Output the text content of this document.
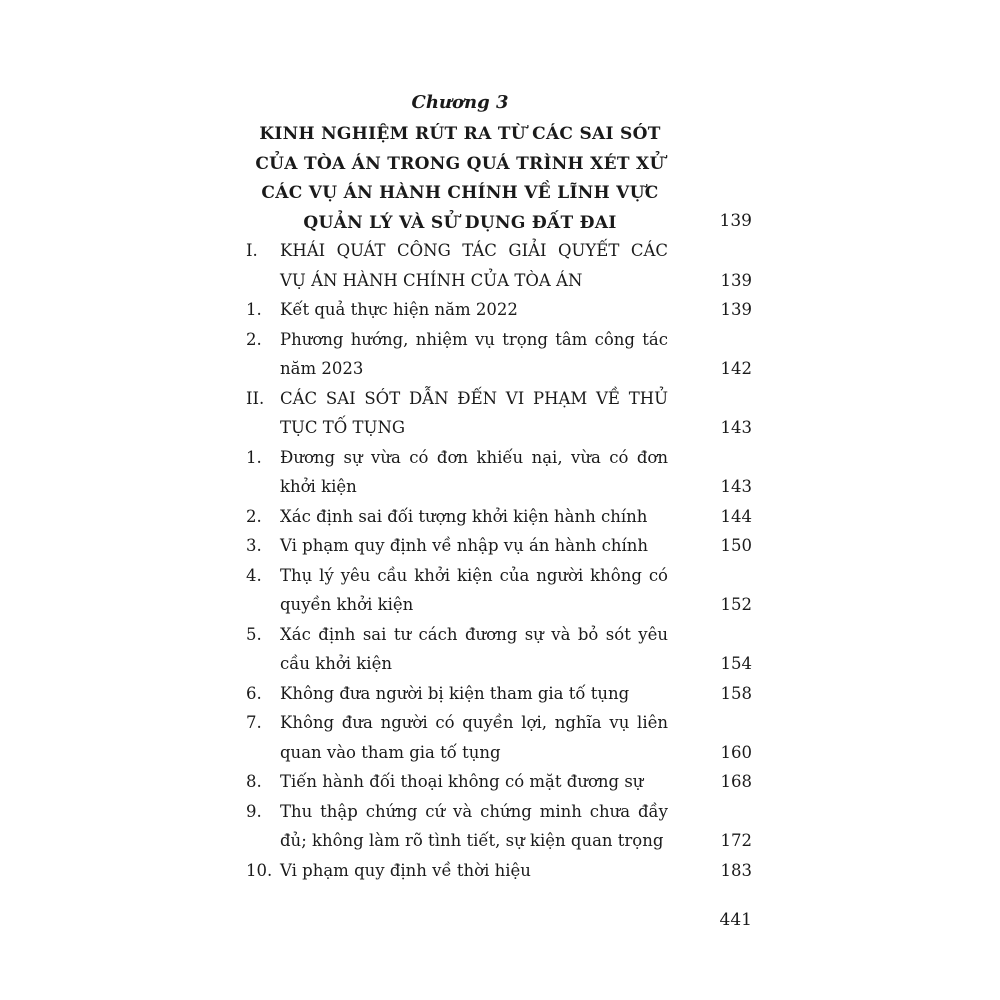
Chương 3
KINH NGHIỆM RÚT RA TỪ CÁC SAI SÓT
CỦA TÒA ÁN TRONG QUÁ TRÌNH XÉT XỬ
CÁC VỤ ÁN HÀNH CHÍNH VỀ LĨNH VỰC
QUẢN LÝ VÀ SỬ DỤNG ĐẤT ĐAI	139
I. KHÁI QUÁT CÔNG TÁC GIẢI QUYẾT CÁC
VỤ ÁN HÀNH CHÍNH CỦA TÒA ÁN	139
1. Kết quả thực hiện năm 2022	139
2. Phương hướng, nhiệm vụ trọng tâm công tác
năm 2023	142
II. CÁC SAI SÓT DẪN ĐẾN VI PHẠM VỀ THỦ
TỤC TỐ TỤNG	143
1. Đương sự vừa có đơn khiếu nại, vừa có đơn
khởi kiện	143
2. Xác định sai đối tượng khởi kiện hành chính	144
3. Vi phạm quy định về nhập vụ án hành chính	150
4. Thụ lý yêu cầu khởi kiện của người không có
quyền khởi kiện	152
5. Xác định sai tư cách đương sự và bỏ sót yêu
cầu khởi kiện	154
6. Không đưa người bị kiện tham gia tố tụng	158
7. Không đưa người có quyền lợi, nghĩa vụ liên
quan vào tham gia tố tụng	160
8. Tiến hành đối thoại không có mặt đương sự	168
9. Thu thập chứng cứ và chứng minh chưa đầy
đủ; không làm rõ tình tiết, sự kiện quan trọng	172
10. Vi phạm quy định về thời hiệu	183
441
